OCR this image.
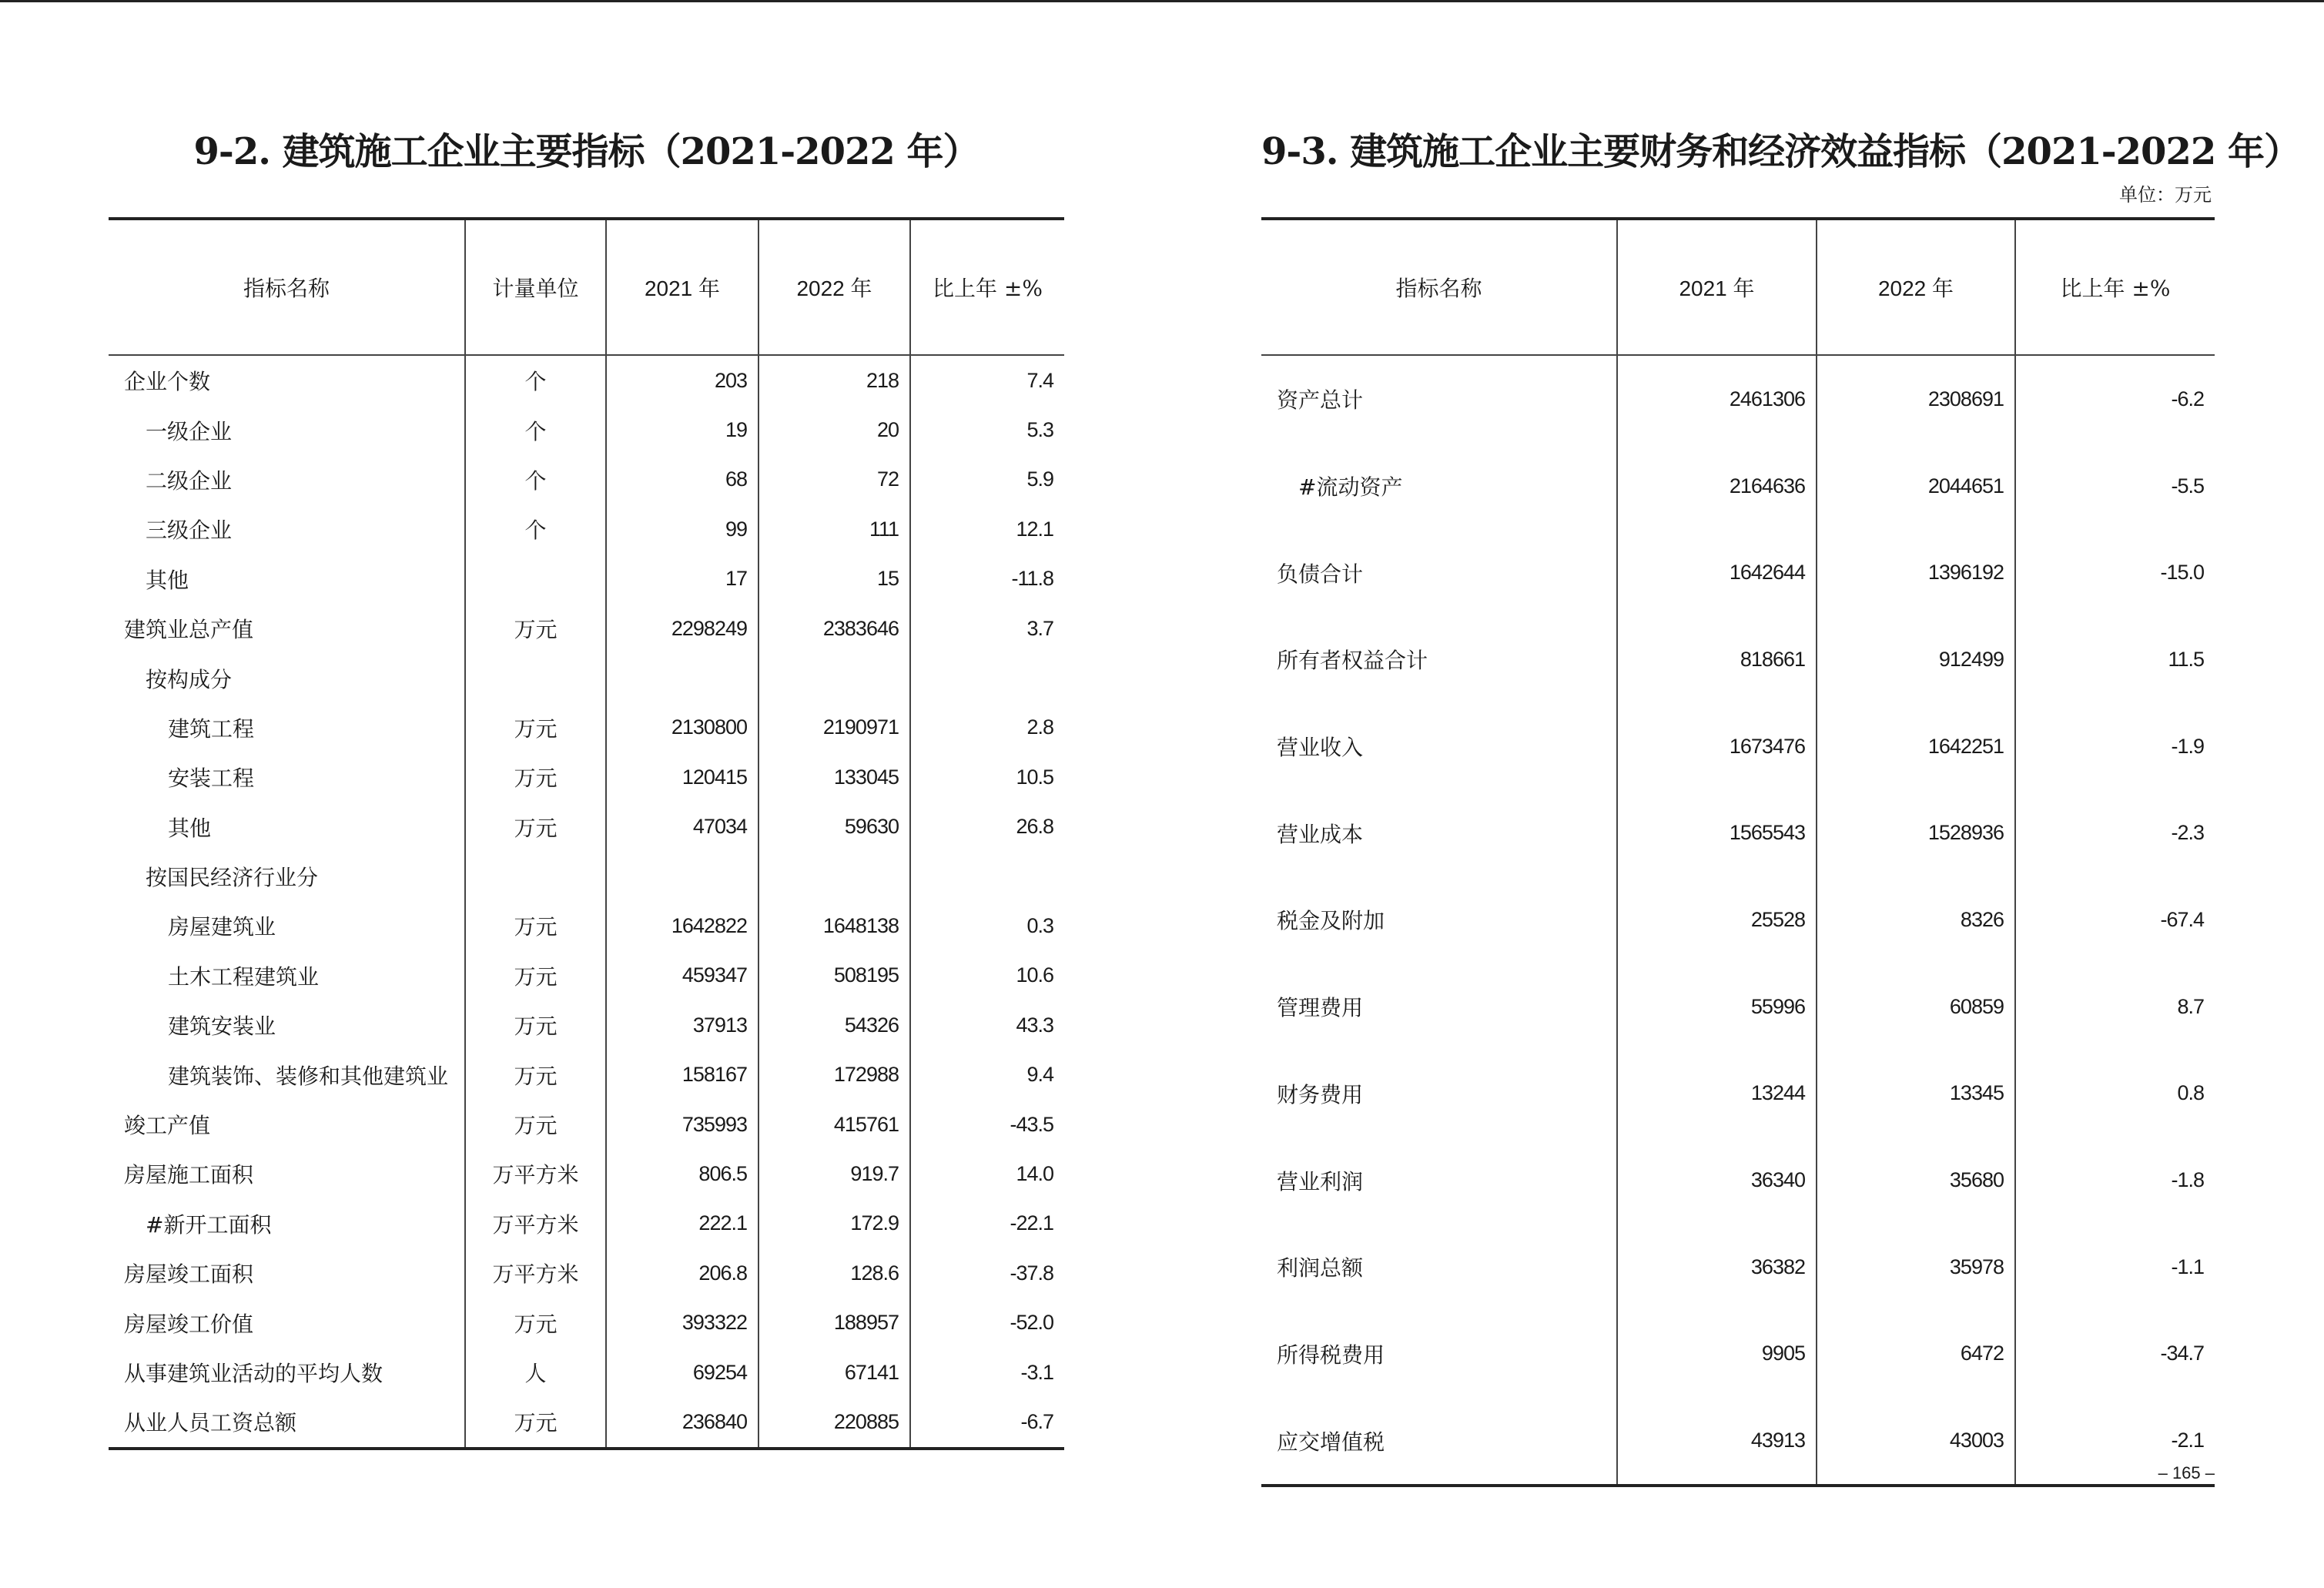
9-2. 建筑施工企业主要指标（2021-2022 年）
指标名称	计量单位	2021 年	2022 年	比上年 ±%
企业个数	个	203	218	7.4
一级企业	个	19	20	5.3
二级企业	个	68	72	5.9
三级企业	个	99	111	12.1
其他		17	15	-11.8
建筑业总产值	万元	2298249	2383646	3.7
按构成分				
建筑工程	万元	2130800	2190971	2.8
安装工程	万元	120415	133045	10.5
其他	万元	47034	59630	26.8
按国民经济行业分				
房屋建筑业	万元	1642822	1648138	0.3
土木工程建筑业	万元	459347	508195	10.6
建筑安装业	万元	37913	54326	43.3
建筑装饰、装修和其他建筑业	万元	158167	172988	9.4
竣工产值	万元	735993	415761	-43.5
房屋施工面积	万平方米	806.5	919.7	14.0
#新开工面积	万平方米	222.1	172.9	-22.1
房屋竣工面积	万平方米	206.8	128.6	-37.8
房屋竣工价值	万元	393322	188957	-52.0
从事建筑业活动的平均人数	人	69254	67141	-3.1
从业人员工资总额	万元	236840	220885	-6.7
9-3. 建筑施工企业主要财务和经济效益指标（2021-2022 年）
单位：万元
指标名称	2021 年	2022 年	比上年 ±%
资产总计	2461306	2308691	-6.2
#流动资产	2164636	2044651	-5.5
负债合计	1642644	1396192	-15.0
所有者权益合计	818661	912499	11.5
营业收入	1673476	1642251	-1.9
营业成本	1565543	1528936	-2.3
税金及附加	25528	8326	-67.4
管理费用	55996	60859	8.7
财务费用	13244	13345	0.8
营业利润	36340	35680	-1.8
利润总额	36382	35978	-1.1
所得税费用	9905	6472	-34.7
应交增值税	43913	43003	-2.1
– 165 –
